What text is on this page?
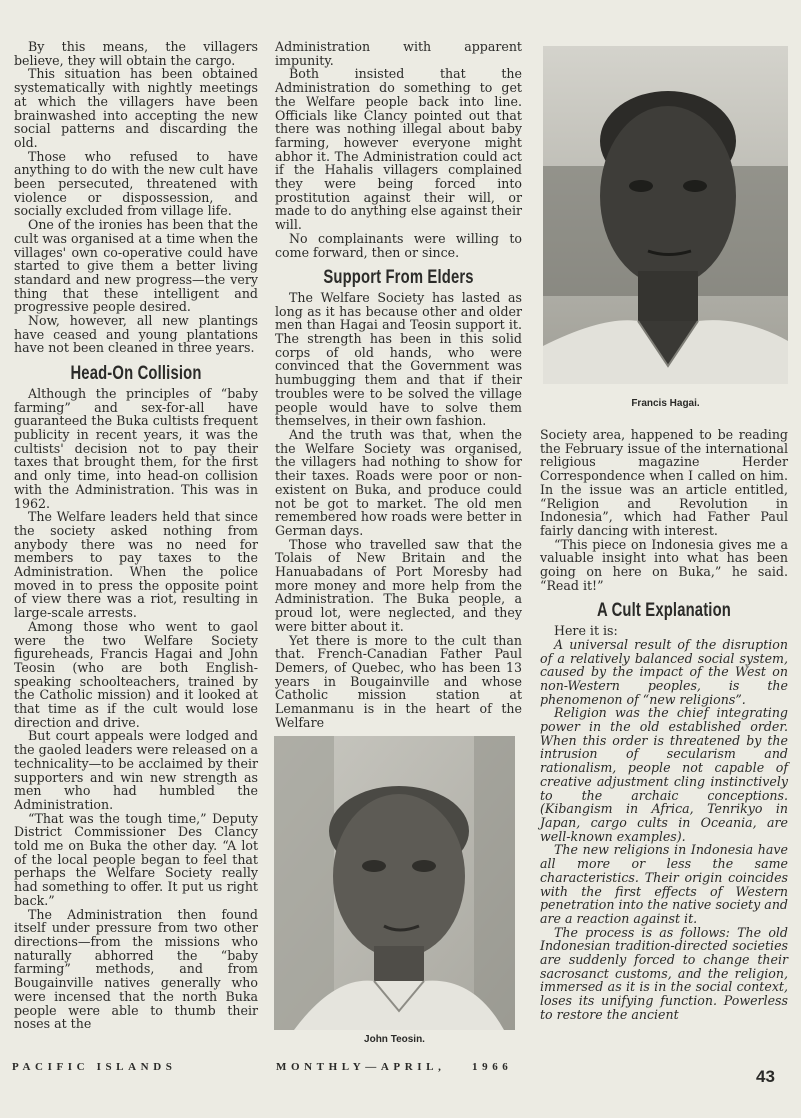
By this means, the villagers believe, they will obtain the cargo.

This situation has been obtained systematically with nightly meetings at which the villagers have been brainwashed into accepting the new social patterns and discarding the old.

Those who refused to have anything to do with the new cult have been persecuted, threatened with violence or dispossession, and socially excluded from village life.

One of the ironies has been that the cult was organised at a time when the villages' own co-operative could have started to give them a better living standard and new progress—the very thing that these intelligent and progressive people desired.

Now, however, all new plantings have ceased and young plantations have not been cleaned in three years.

Head-On Collision

Although the principles of “baby farming” and sex-for-all have guaranteed the Buka cultists frequent publicity in recent years, it was the cultists' decision not to pay their taxes that brought them, for the first and only time, into head-on collision with the Administration. This was in 1962.

The Welfare leaders held that since the society asked nothing from anybody there was no need for members to pay taxes to the Administration. When the police moved in to press the opposite point of view there was a riot, resulting in large-scale arrests.

Among those who went to gaol were the two Welfare Society figureheads, Francis Hagai and John Teosin (who are both English-speaking schoolteachers, trained by the Catholic mission) and it looked at that time as if the cult would lose direction and drive.

But court appeals were lodged and the gaoled leaders were released on a technicality—to be acclaimed by their supporters and win new strength as men who had humbled the Administration.

“That was the tough time,” Deputy District Commissioner Des Clancy told me on Buka the other day. “A lot of the local people began to feel that perhaps the Welfare Society really had something to offer. It put us right back.”

The Administration then found itself under pressure from two other directions—from the missions who naturally abhorred the “baby farming” methods, and from Bougainville natives generally who were incensed that the north Buka people were able to thumb their noses at the

Administration with apparent impunity.

Both insisted that the Administration do something to get the Welfare people back into line. Officials like Clancy pointed out that there was nothing illegal about baby farming, however everyone might abhor it. The Administration could act if the Hahalis villagers complained they were being forced into prostitution against their will, or made to do anything else against their will.

No complainants were willing to come forward, then or since.

Support From Elders

The Welfare Society has lasted as long as it has because other and older men than Hagai and Teosin support it. The strength has been in this solid corps of old hands, who were convinced that the Government was humbugging them and that if their troubles were to be solved the village people would have to solve them themselves, in their own fashion.

And the truth was that, when the the Welfare Society was organised, the villagers had nothing to show for their taxes. Roads were poor or non-existent on Buka, and produce could not be got to market. The old men remembered how roads were better in German days.

Those who travelled saw that the Tolais of New Britain and the Hanuabadans of Port Moresby had more money and more help from the Administration. The Buka people, a proud lot, were neglected, and they were bitter about it.

Yet there is more to the cult than that. French-Canadian Father Paul Demers, of Quebec, who has been 13 years in Bougainville and whose Catholic mission station at Lemanmanu is in the heart of the Welfare

John Teosin.
Francis Hagai.

Society area, happened to be reading the February issue of the international religious magazine Herder Correspondence when I called on him. In the issue was an article entitled, “Religion and Revolution in Indonesia”, which had Father Paul fairly dancing with interest.

“This piece on Indonesia gives me a valuable insight into what has been going on here on Buka,” he said. “Read it!”

A Cult Explanation

Here it is:

A universal result of the disruption of a relatively balanced social system, caused by the impact of the West on non-Western peoples, is the phenomenon of “new religions”.

Religion was the chief integrating power in the old established order. When this order is threatened by the intrusion of secularism and rationalism, people not capable of creative adjustment cling instinctively to the archaic conceptions. (Kibangism in Africa, Tenrikyo in Japan, cargo cults in Oceania, are well-known examples).

The new religions in Indonesia have all more or less the same characteristics. Their origin coincides with the first effects of Western penetration into the native society and are a reaction against it.

The process is as follows: The old Indonesian tradition-directed societies are suddenly forced to change their sacrosanct customs, and the religion, immersed as it is in the social context, loses its unifying function. Powerless to restore the ancient

PACIFIC ISLANDS	MONTHLY—APRIL, 1966	43
